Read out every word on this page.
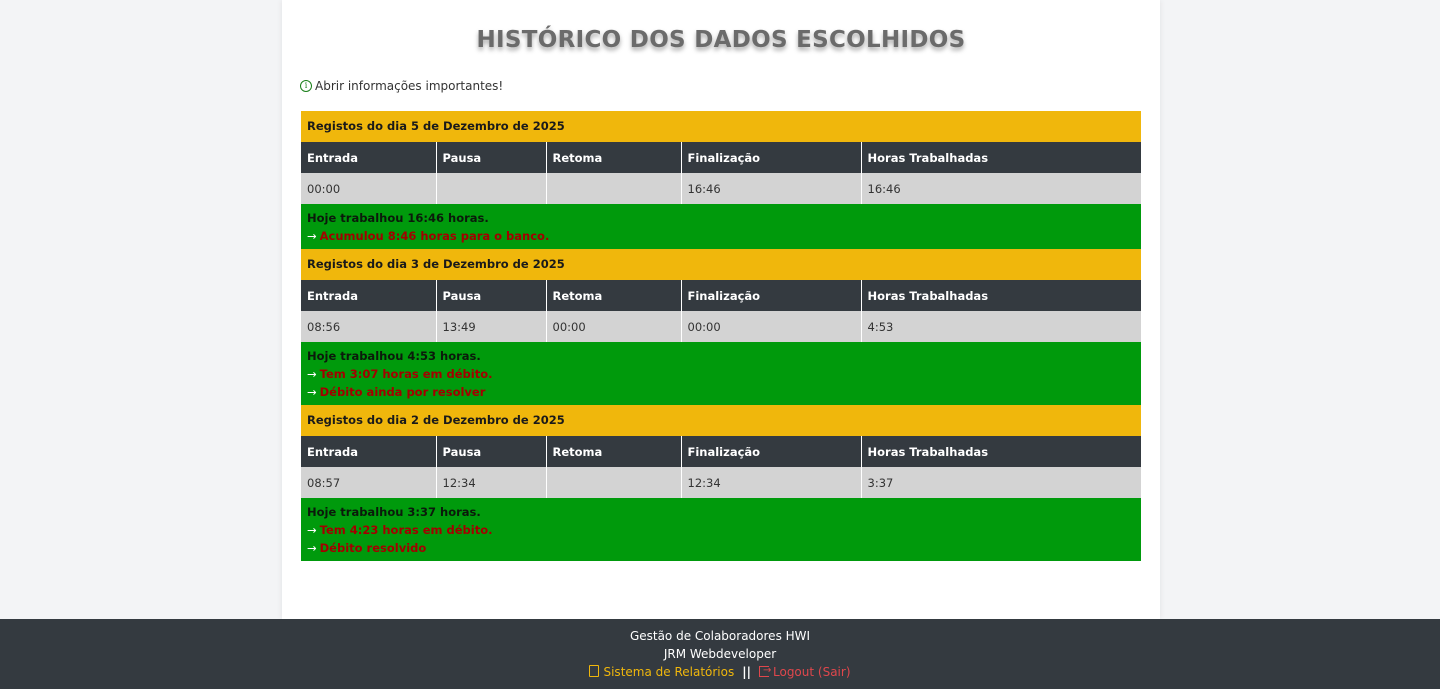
HISTÓRICO DOS DADOS ESCOLHIDOS
i Abrir informações importantes!
Registos do dia 5 de Dezembro de 2025
Entrada	Pausa	Retoma	Finalização	Horas Trabalhadas
00:00			16:46	16:46
Hoje trabalhou 16:46 horas.
→ Acumulou 8:46 horas para o banco.
Registos do dia 3 de Dezembro de 2025
Entrada	Pausa	Retoma	Finalização	Horas Trabalhadas
08:56	13:49	00:00	00:00	4:53
Hoje trabalhou 4:53 horas.
→ Tem 3:07 horas em débito.
→ Débito ainda por resolver
Registos do dia 2 de Dezembro de 2025
Entrada	Pausa	Retoma	Finalização	Horas Trabalhadas
08:57	12:34		12:34	3:37
Hoje trabalhou 3:37 horas.
→ Tem 4:23 horas em débito.
→ Débito resolvido
Gestão de Colaboradores HWI
JRM Webdeveloper
Sistema de Relatórios || → Logout (Sair)
